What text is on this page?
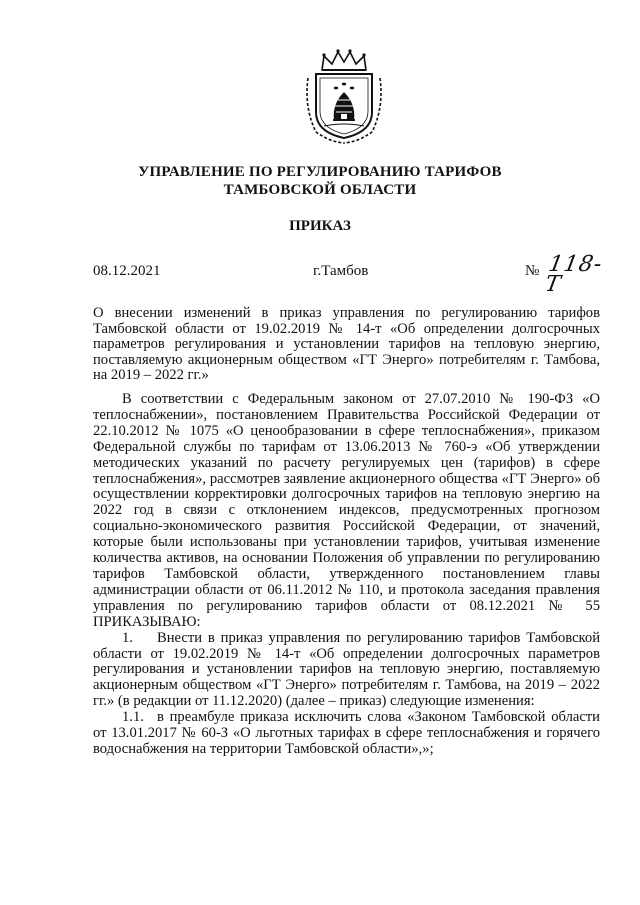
УПРАВЛЕНИЕ ПО РЕГУЛИРОВАНИЮ ТАРИФОВ
ТАМБОВСКОЙ ОБЛАСТИ
ПРИКАЗ
08.12.2021	г.Тамбов	№ 118-Т
О внесении изменений в приказ управления по регулированию тарифов Тамбовской области от 19.02.2019 № 14-т «Об определении долгосрочных параметров регулирования и установлении тарифов на тепловую энергию, поставляемую акционерным обществом «ГТ Энерго» потребителям г. Тамбова, на 2019 – 2022 гг.»

В соответствии с Федеральным законом от 27.07.2010 № 190-ФЗ «О теплоснабжении», постановлением Правительства Российской Федерации от 22.10.2012 № 1075 «О ценообразовании в сфере теплоснабжения», приказом Федеральной службы по тарифам от 13.06.2013 № 760-э «Об утверждении методических указаний по расчету регулируемых цен (тарифов) в сфере теплоснабжения», рассмотрев заявление акционерного общества «ГТ Энерго» об осуществлении корректировки долгосрочных тарифов на тепловую энергию на 2022 год в связи с отклонением индексов, предусмотренных прогнозом социально-экономического развития Российской Федерации, от значений, которые были использованы при установлении тарифов, учитывая изменение количества активов, на основании Положения об управлении по регулированию тарифов Тамбовской области, утвержденного постановлением главы администрации области от 06.11.2012 № 110, и протокола заседания правления управления по регулированию тарифов области от 08.12.2021 № 55 ПРИКАЗЫВАЮ:

1. Внести в приказ управления по регулированию тарифов Тамбовской области от 19.02.2019 № 14-т «Об определении долгосрочных параметров регулирования и установлении тарифов на тепловую энергию, поставляемую акционерным обществом «ГТ Энерго» потребителям г. Тамбова, на 2019 – 2022 гг.» (в редакции от 11.12.2020) (далее – приказ) следующие изменения:

1.1. в преамбуле приказа исключить слова «Законом Тамбовской области от 13.01.2017 № 60-З «О льготных тарифах в сфере теплоснабжения и горячего водоснабжения на территории Тамбовской области»,»;
